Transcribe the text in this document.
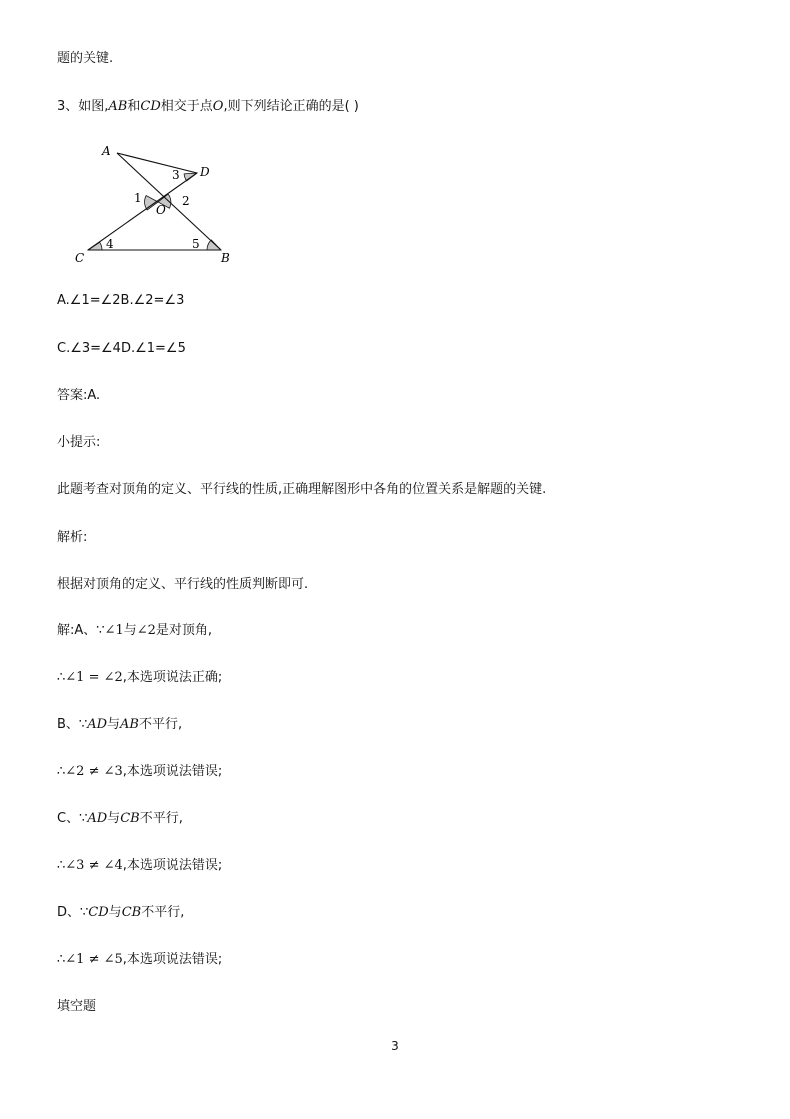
题的关键.
3、如图,AB和CD相交于点O,则下列结论正确的是( )
A
D
O
C	B
1	2
3
4	5
A.∠1=∠2B.∠2=∠3
C.∠3=∠4D.∠1=∠5
答案:A.
小提示:
此题考查对顶角的定义、平行线的性质,正确理解图形中各角的位置关系是解题的关键.
解析:
根据对顶角的定义、平行线的性质判断即可.
解:A、∵∠1与∠2是对顶角,
∴∠1 = ∠2,本选项说法正确;
B、∵AD与AB不平行,
∴∠2 ≠ ∠3,本选项说法错误;
C、∵AD与CB不平行,
∴∠3 ≠ ∠4,本选项说法错误;
D、∵CD与CB不平行,
∴∠1 ≠ ∠5,本选项说法错误;
填空题
3
